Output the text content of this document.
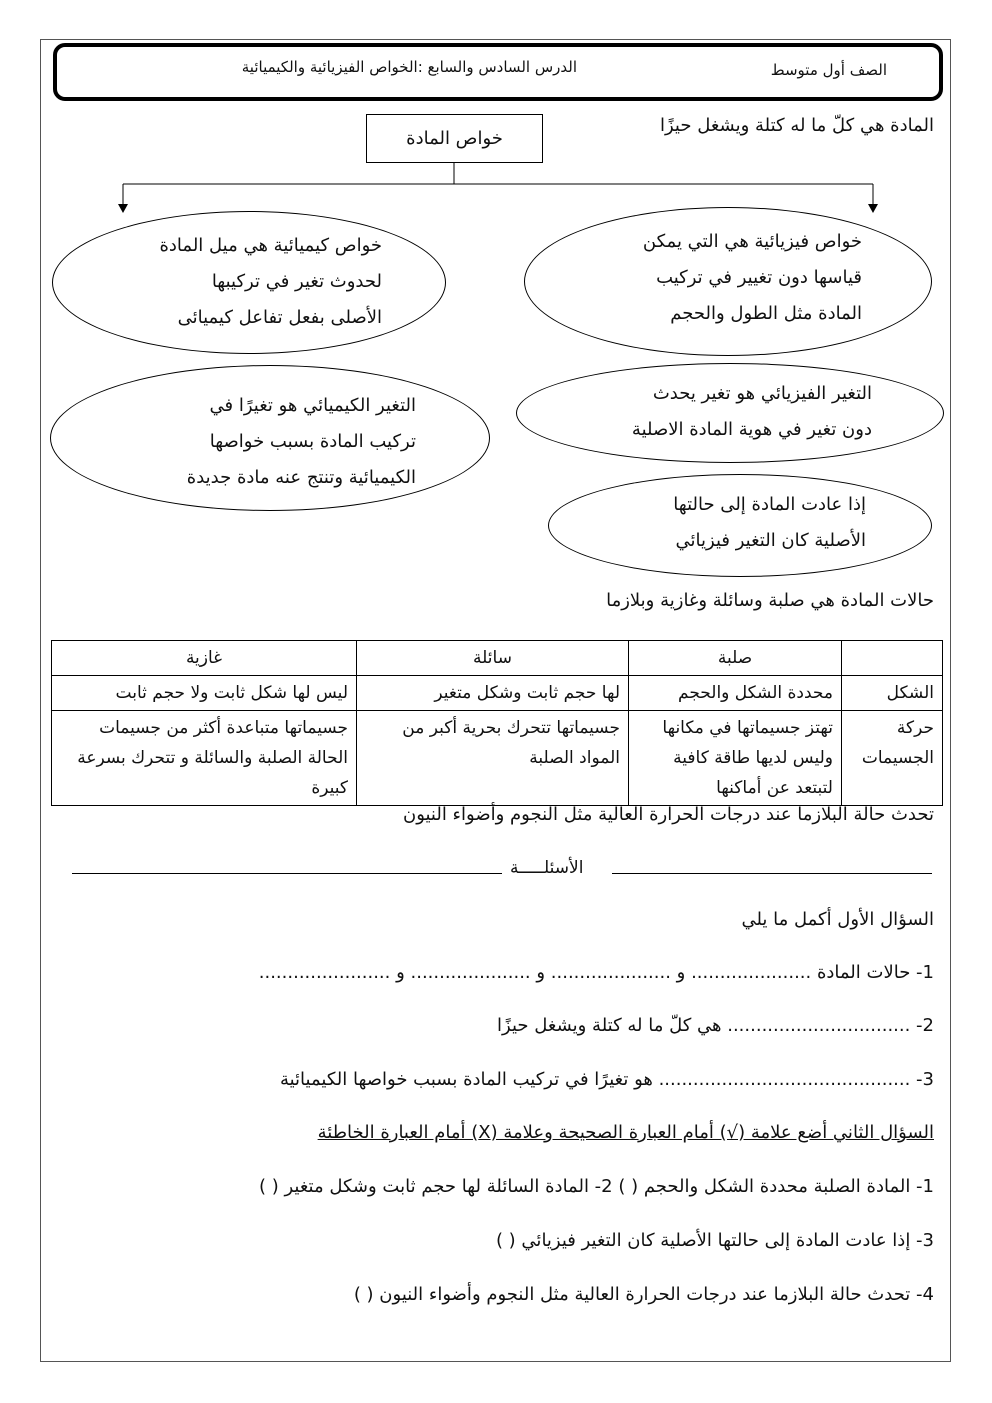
الصف أول متوسط
الدرس السادس والسابع :الخواص الفيزيائية والكيميائية
المادة هي كلّ ما له كتلة ويشغل حيزًا
خواص المادة
خواص كيميائية هي ميل المادة
لحدوث تغير في تركيبها
الأصلى بفعل تفاعل كيميائى
خواص فيزيائية هي التي يمكن
قياسها دون تغيير في تركيب
المادة مثل الطول والحجم
التغير الكيميائي هو تغيرًا في
تركيب المادة بسبب خواصها
الكيميائية وتنتج عنه مادة جديدة
التغير الفيزيائي هو تغير يحدث
دون تغير في هوية المادة الاصلية
إذا عادت المادة إلى حالتها
الأصلية كان التغير فيزيائي
حالات المادة هي صلبة وسائلة وغازية وبلازما
	صلبة	سائلة	غازية
الشكل	محددة الشكل والحجم	لها حجم ثابت وشكل متغير	ليس لها شكل ثابت ولا حجم ثابت
حركة الجسيمات	تهتز جسيماتها في مكانها وليس لديها طاقة كافية لتبتعد عن أماكنها	جسيماتها تتحرك بحرية أكبر من المواد الصلبة	جسيماتها متباعدة أكثر من جسيمات الحالة الصلبة والسائلة و تتحرك بسرعة كبيرة
تحدث حالة البلازما عند درجات الحرارة العالية مثل النجوم وأضواء النيون
الأسئلـــــة
السؤال الأول أكمل ما يلي
1- حالات المادة ..................... و ..................... و ..................... و .......................
2- ................................ هي كلّ ما له كتلة ويشغل حيزًا
3- ............................................ هو تغيرًا في تركيب المادة بسبب خواصها الكيميائية
السؤال الثاني أضع علامة (√) أمام العبارة الصحيحة وعلامة (X) أمام العبارة الخاطئة
1- المادة الصلبة محددة الشكل والحجم ( ) 2- المادة السائلة لها حجم ثابت وشكل متغير ( )
3- إذا عادت المادة إلى حالتها الأصلية كان التغير فيزيائي ( )
4- تحدث حالة البلازما عند درجات الحرارة العالية مثل النجوم وأضواء النيون ( )
